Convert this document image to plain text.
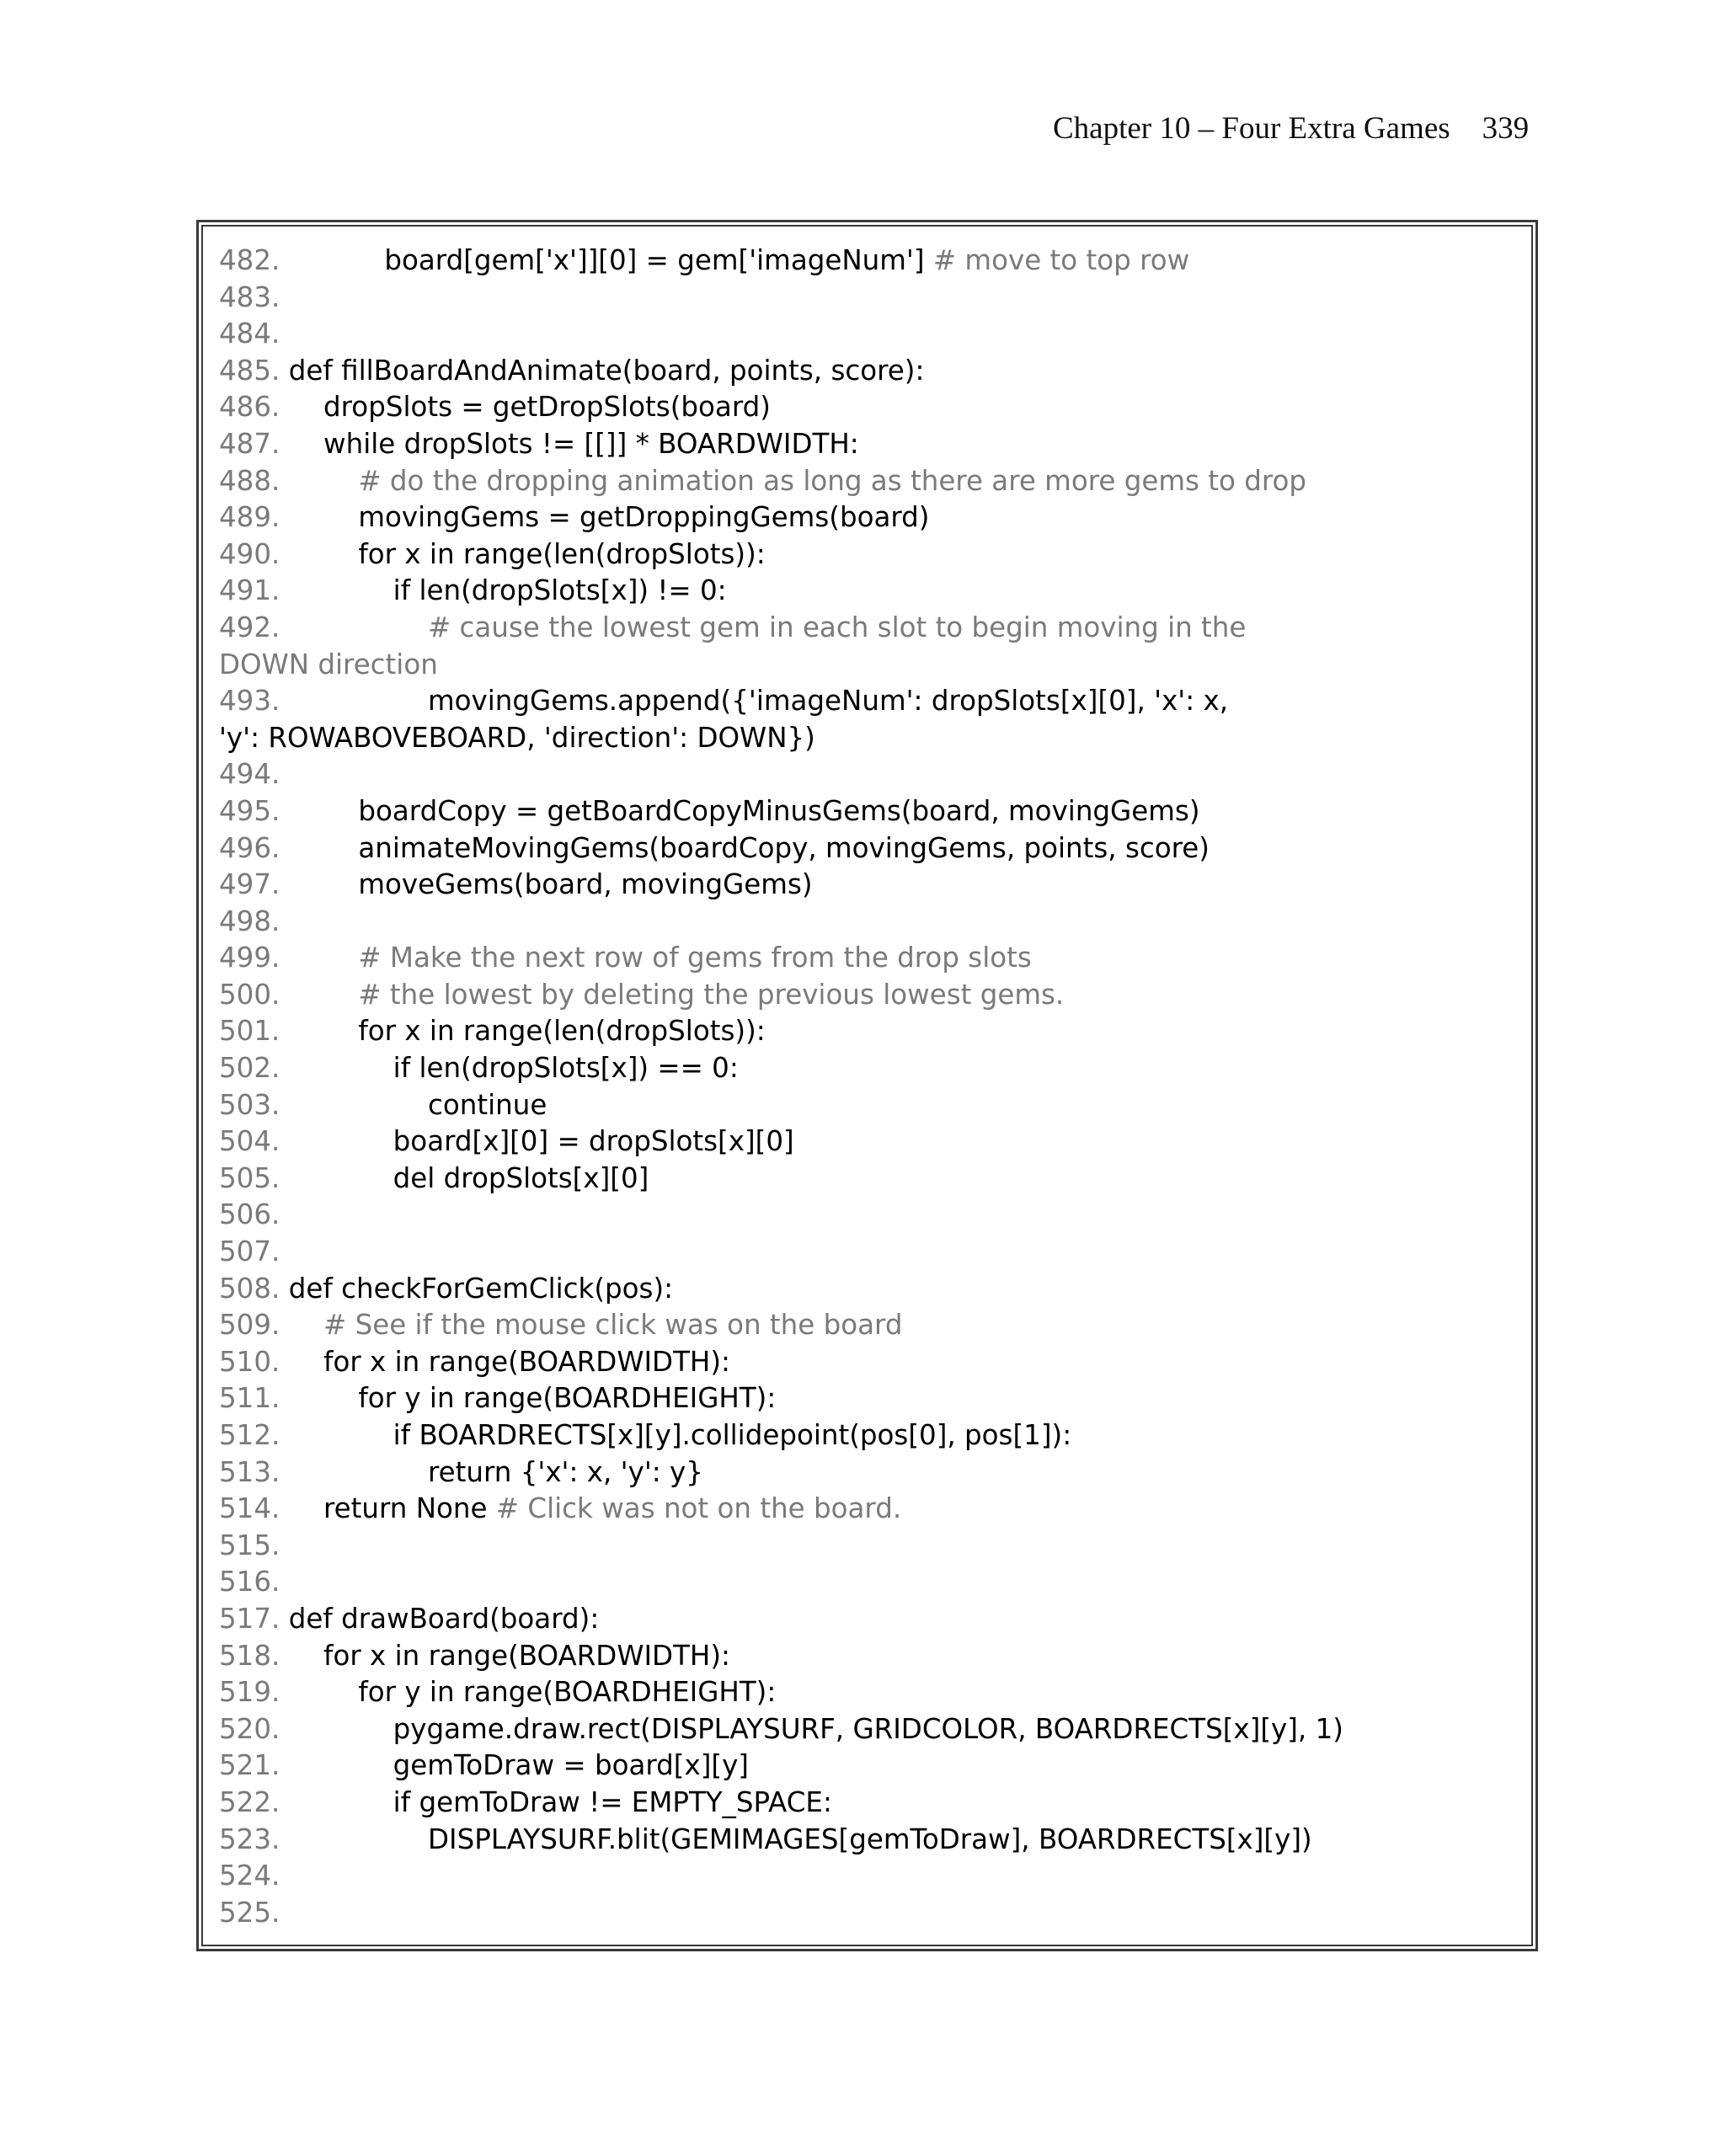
Chapter 10 – Four Extra Games 339
482.            board[gem['x']][0] = gem['imageNum'] # move to top row
483.
484.
485. def fillBoardAndAnimate(board, points, score):
486.     dropSlots = getDropSlots(board)
487.     while dropSlots != [[]] * BOARDWIDTH:
488.	# do the dropping animation as long as there are more gems to drop
489.         movingGems = getDroppingGems(board)
490.         for x in range(len(dropSlots)):
491.             if len(dropSlots[x]) != 0:
492.	# cause the lowest gem in each slot to begin moving in the
DOWN direction
493.                 movingGems.append({'imageNum': dropSlots[x][0], 'x': x,
'y': ROWABOVEBOARD, 'direction': DOWN})
494.
495.         boardCopy = getBoardCopyMinusGems(board, movingGems)
496.         animateMovingGems(boardCopy, movingGems, points, score)
497.         moveGems(board, movingGems)
498.
499.	# Make the next row of gems from the drop slots
500.	# the lowest by deleting the previous lowest gems.
501.         for x in range(len(dropSlots)):
502.             if len(dropSlots[x]) == 0:
503.                 continue
504.             board[x][0] = dropSlots[x][0]
505.             del dropSlots[x][0]
506.
507.
508. def checkForGemClick(pos):
509. # See if the mouse click was on the board
510.     for x in range(BOARDWIDTH):
511.         for y in range(BOARDHEIGHT):
512.             if BOARDRECTS[x][y].collidepoint(pos[0], pos[1]):
513.                 return {'x': x, 'y': y}
514.     return None # Click was not on the board.
515.
516.
517. def drawBoard(board):
518.     for x in range(BOARDWIDTH):
519.         for y in range(BOARDHEIGHT):
520.             pygame.draw.rect(DISPLAYSURF, GRIDCOLOR, BOARDRECTS[x][y], 1)
521.             gemToDraw = board[x][y]
522.             if gemToDraw != EMPTY_SPACE:
523.                 DISPLAYSURF.blit(GEMIMAGES[gemToDraw], BOARDRECTS[x][y])
524.
525.
